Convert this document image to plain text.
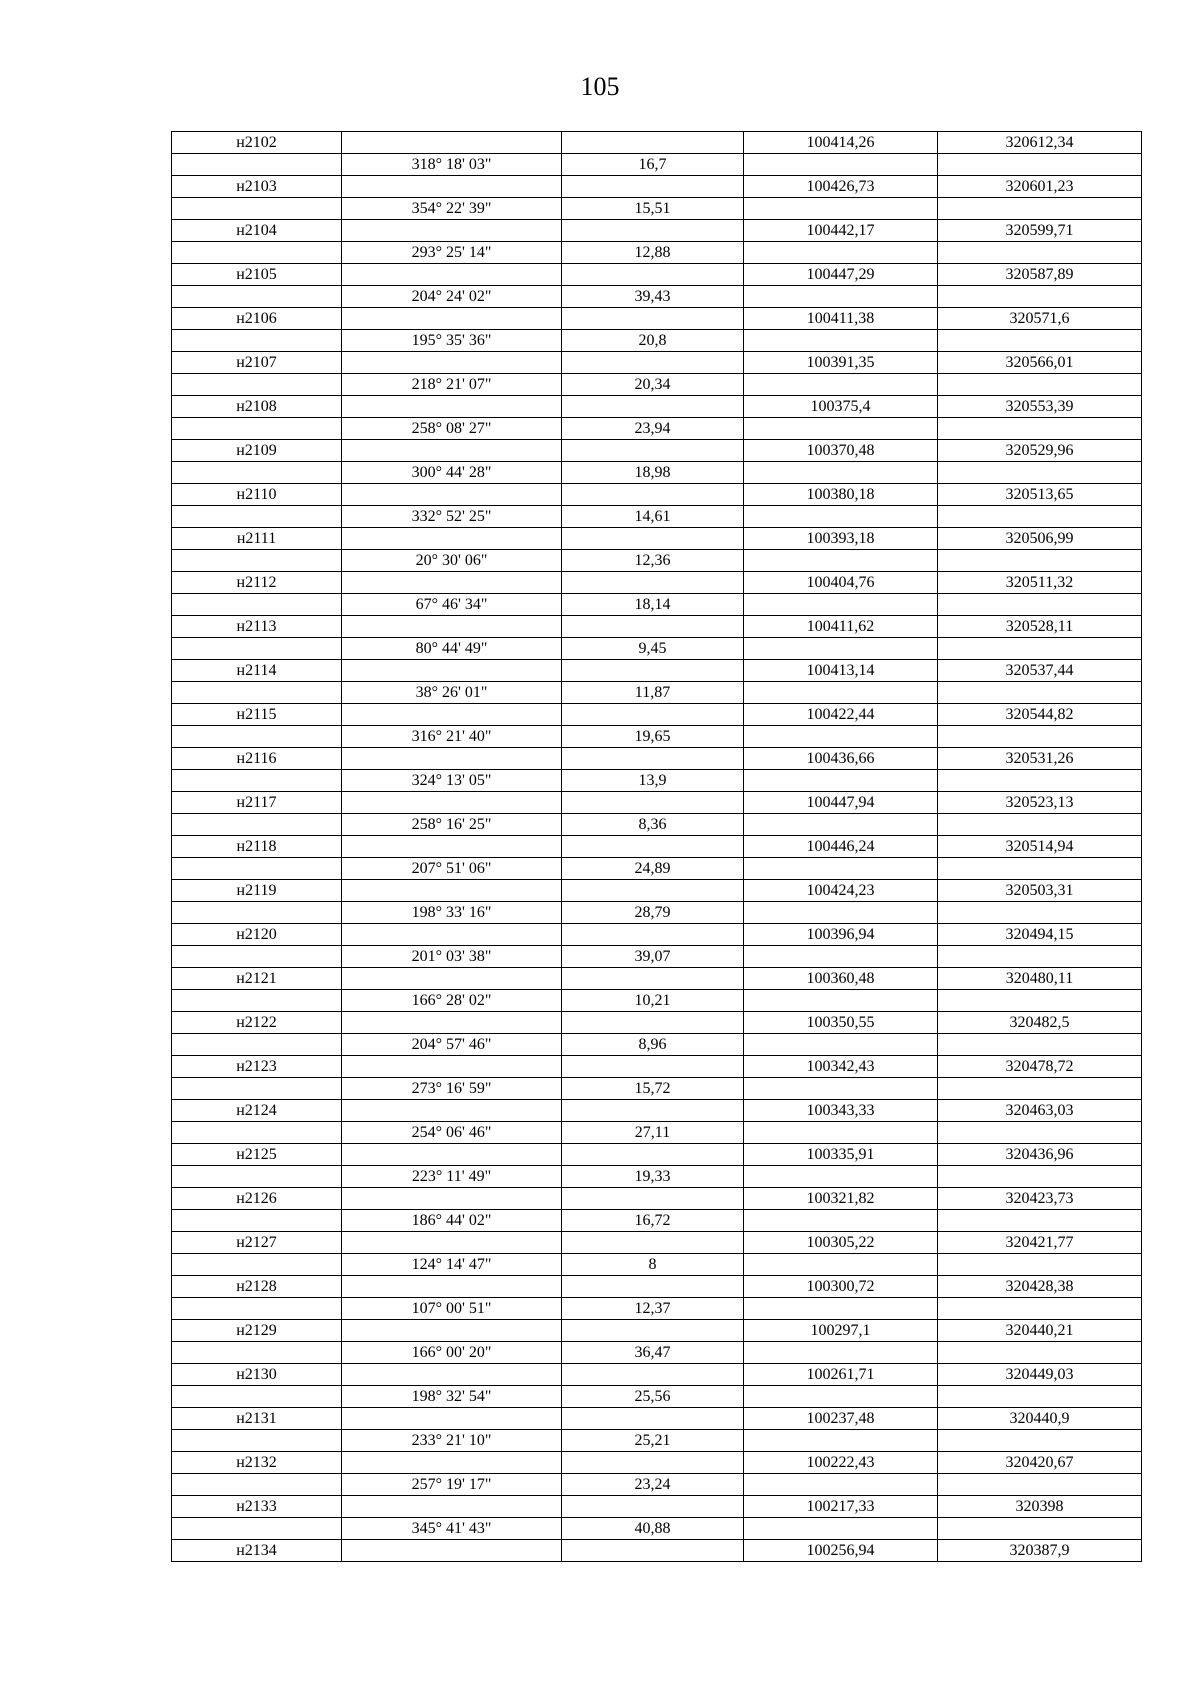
105
н2102			100414,26	320612,34
	318° 18' 03"	16,7		
н2103			100426,73	320601,23
	354° 22' 39"	15,51		
н2104			100442,17	320599,71
	293° 25' 14"	12,88		
н2105			100447,29	320587,89
	204° 24' 02"	39,43		
н2106			100411,38	320571,6
	195° 35' 36"	20,8		
н2107			100391,35	320566,01
	218° 21' 07"	20,34		
н2108			100375,4	320553,39
	258° 08' 27"	23,94		
н2109			100370,48	320529,96
	300° 44' 28"	18,98		
н2110			100380,18	320513,65
	332° 52' 25"	14,61		
н2111			100393,18	320506,99
	20° 30' 06"	12,36		
н2112			100404,76	320511,32
	67° 46' 34"	18,14		
н2113			100411,62	320528,11
	80° 44' 49"	9,45		
н2114			100413,14	320537,44
	38° 26' 01"	11,87		
н2115			100422,44	320544,82
	316° 21' 40"	19,65		
н2116			100436,66	320531,26
	324° 13' 05"	13,9		
н2117			100447,94	320523,13
	258° 16' 25"	8,36		
н2118			100446,24	320514,94
	207° 51' 06"	24,89		
н2119			100424,23	320503,31
	198° 33' 16"	28,79		
н2120			100396,94	320494,15
	201° 03' 38"	39,07		
н2121			100360,48	320480,11
	166° 28' 02"	10,21		
н2122			100350,55	320482,5
	204° 57' 46"	8,96		
н2123			100342,43	320478,72
	273° 16' 59"	15,72		
н2124			100343,33	320463,03
	254° 06' 46"	27,11		
н2125			100335,91	320436,96
	223° 11' 49"	19,33		
н2126			100321,82	320423,73
	186° 44' 02"	16,72		
н2127			100305,22	320421,77
	124° 14' 47"	8		
н2128			100300,72	320428,38
	107° 00' 51"	12,37		
н2129			100297,1	320440,21
	166° 00' 20"	36,47		
н2130			100261,71	320449,03
	198° 32' 54"	25,56		
н2131			100237,48	320440,9
	233° 21' 10"	25,21		
н2132			100222,43	320420,67
	257° 19' 17"	23,24		
н2133			100217,33	320398
	345° 41' 43"	40,88		
н2134			100256,94	320387,9
